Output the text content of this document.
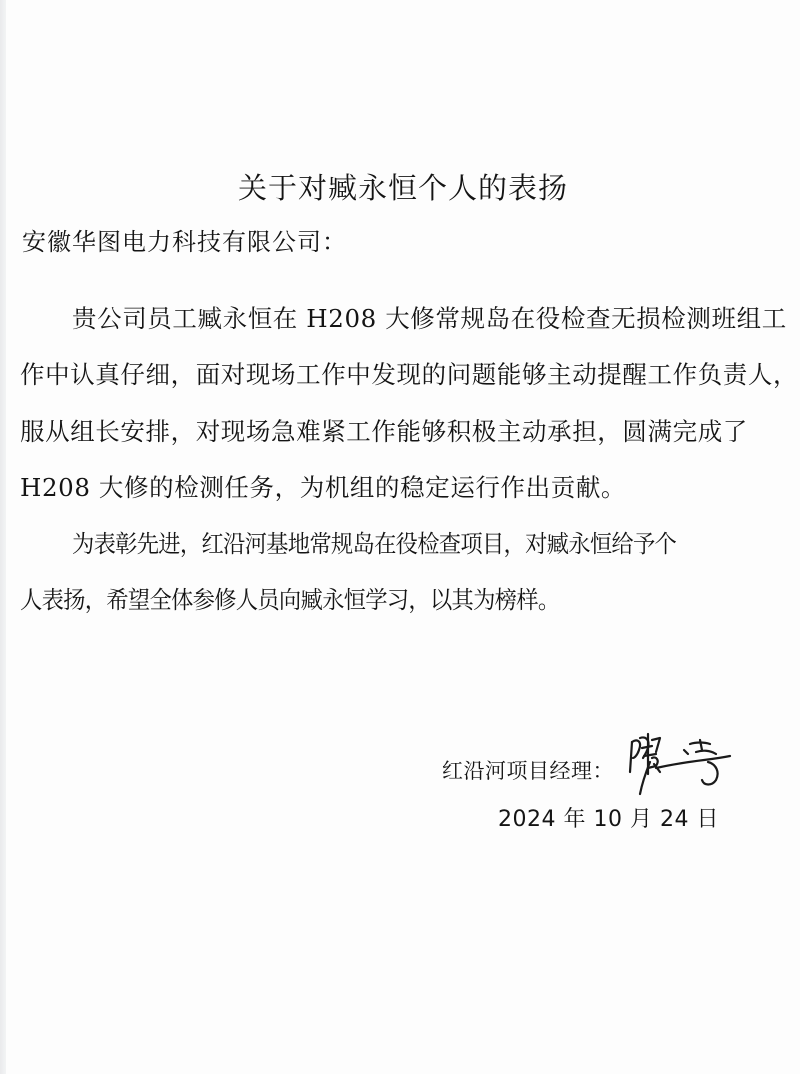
关于对臧永恒个人的表扬

安徽华图电力科技有限公司：

贵公司员工臧永恒在 H208 大修常规岛在役检查无损检测班组工

作中认真仔细，面对现场工作中发现的问题能够主动提醒工作负责人，

服从组长安排，对现场急难紧工作能够积极主动承担，圆满完成了

H208 大修的检测任务，为机组的稳定运行作出贡献。

为表彰先进，红沿河基地常规岛在役检查项目，对臧永恒给予个

人表扬，希望全体参修人员向臧永恒学习，以其为榜样。

红沿河项目经理：
2024 年 10 月 24 日
